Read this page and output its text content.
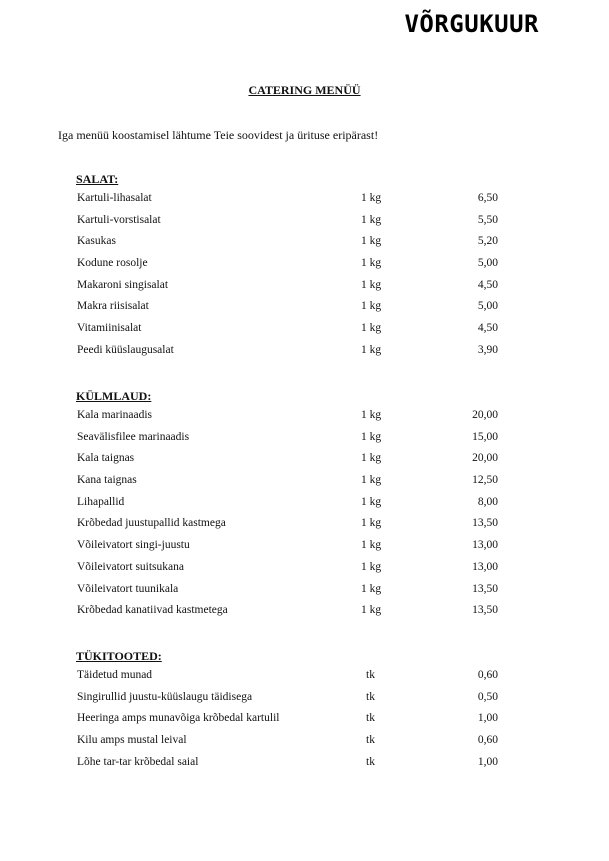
VÕRGUKUUR
CATERING MENÜÜ
Iga menüü koostamisel lähtume Teie soovidest ja ürituse eripärast!
SALAT:
Kartuli-lihasalat	1 kg	6,50
Kartuli-vorstisalat	1 kg	5,50
Kasukas	1 kg	5,20
Kodune rosolje	1 kg	5,00
Makaroni singisalat	1 kg	4,50
Makra riisisalat	1 kg	5,00
Vitamiinisalat	1 kg	4,50
Peedi küüslaugusalat	1 kg	3,90
KÜLMLAUD:
Kala marinaadis	1 kg	20,00
Seavälisfilee marinaadis	1 kg	15,00
Kala taignas	1 kg	20,00
Kana taignas	1 kg	12,50
Lihapallid	1 kg	8,00
Krõbedad juustupallid kastmega	1 kg	13,50
Võileivatort singi-juustu	1 kg	13,00
Võileivatort suitsukana	1 kg	13,00
Võileivatort tuunikala	1 kg	13,50
Krõbedad kanatiivad kastmetega	1 kg	13,50
TÜKITOOTED:
Täidetud munad	tk	0,60
Singirullid juustu-küüslaugu täidisega	tk	0,50
Heeringa amps munavõiga krõbedal kartulil	tk	1,00
Kilu amps mustal leival	tk	0,60
Lõhe tar-tar krõbedal saial	tk	1,00
